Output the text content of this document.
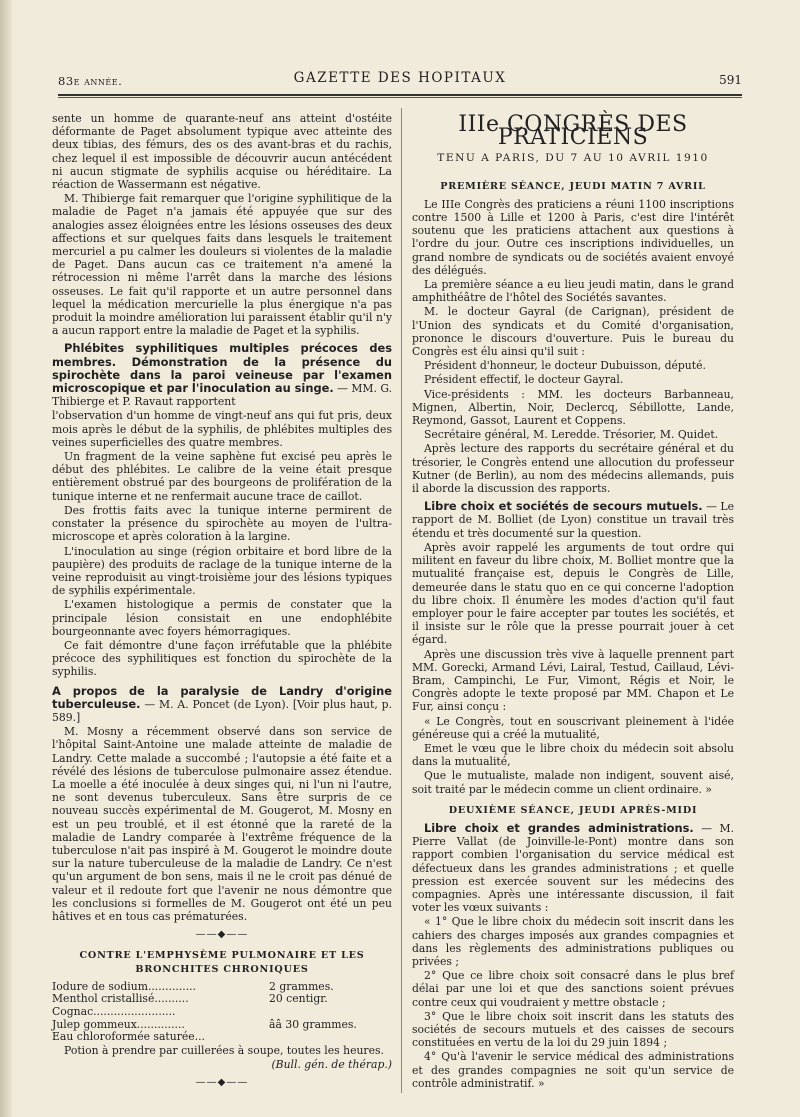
83e année.	GAZETTE DES HOPITAUX	591

sente un homme de quarante-neuf ans atteint d'ostéite déformante de Paget absolument typique avec atteinte des deux tibias, des fémurs, des os des avant-bras et du rachis, chez lequel il est impossible de découvrir aucun antécédent ni aucun stigmate de syphilis acquise ou héréditaire. La réaction de Wassermann est négative.

M. Thibierge fait remarquer que l'origine syphilitique de la maladie de Paget n'a jamais été appuyée que sur des analogies assez éloignées entre les lésions osseuses des deux affections et sur quelques faits dans lesquels le traitement mercuriel a pu calmer les douleurs si violentes de la maladie de Paget. Dans aucun cas ce traitement n'a amené la rétrocession ni même l'arrêt dans la marche des lésions osseuses. Le fait qu'il rapporte et un autre personnel dans lequel la médication mercurielle la plus énergique n'a pas produit la moindre amélioration lui paraissent établir qu'il n'y a aucun rapport entre la maladie de Paget et la syphilis.

Phlébites syphilitiques multiples précoces des membres. Démonstration de la présence du spirochète dans la paroi veineuse par l'examen microscopique et par l'inoculation au singe. — MM. G. Thibierge et P. Ravaut rapportent

l'observation d'un homme de vingt-neuf ans qui fut pris, deux mois après le début de la syphilis, de phlébites multiples des veines superficielles des quatre membres.

Un fragment de la veine saphène fut excisé peu après le début des phlébites. Le calibre de la veine était presque entièrement obstrué par des bourgeons de prolifération de la tunique interne et ne renfermait aucune trace de caillot.

Des frottis faits avec la tunique interne permirent de constater la présence du spirochète au moyen de l'ultra-microscope et après coloration à la largine.

L'inoculation au singe (région orbitaire et bord libre de la paupière) des produits de raclage de la tunique interne de la veine reproduisit au vingt-troisième jour des lésions typiques de syphilis expérimentale.

L'examen histologique a permis de constater que la principale lésion consistait en une endophlébite bourgeonnante avec foyers hémorragiques.

Ce fait démontre d'une façon irréfutable que la phlébite précoce des syphilitiques est fonction du spirochète de la syphilis.

A propos de la paralysie de Landry d'origine tuberculeuse. — M. A. Poncet (de Lyon). [Voir plus haut, p. 589.]

M. Mosny a récemment observé dans son service de l'hôpital Saint-Antoine une malade atteinte de maladie de Landry. Cette malade a succombé ; l'autopsie a été faite et a révélé des lésions de tuberculose pulmonaire assez étendue. La moelle a été inoculée à deux singes qui, ni l'un ni l'autre, ne sont devenus tuberculeux. Sans être surpris de ce nouveau succès expérimental de M. Gougerot, M. Mosny en est un peu troublé, et il est étonné que la rareté de la maladie de Landry comparée à l'extrême fréquence de la tuberculose n'ait pas inspiré à M. Gougerot le moindre doute sur la nature tuberculeuse de la maladie de Landry. Ce n'est qu'un argument de bon sens, mais il ne le croit pas dénué de valeur et il redoute fort que l'avenir ne nous démontre que les conclusions si formelles de M. Gougerot ont été un peu hâtives et en tous cas prématurées.

——◆——
CONTRE L'EMPHYSÈME PULMONAIRE ET LES BRONCHITES CHRONIQUES
Iodure de sodium..............	2 grammes.
Menthol cristallisé..........	20 centigr.
Cognac........................	
Julep gommeux..............	ââ 30 grammes.
Eau chloroformée saturée...	

Potion à prendre par cuillerées à soupe, toutes les heures.

(Bull. gén. de thérap.)

——◆——
IIIe CONGRÈS DES PRATICIENS
TENU A PARIS, DU 7 AU 10 AVRIL 1910
PREMIÈRE SÉANCE, JEUDI MATIN 7 AVRIL

Le IIIe Congrès des praticiens a réuni 1100 inscriptions contre 1500 à Lille et 1200 à Paris, c'est dire l'intérêt soutenu que les praticiens attachent aux questions à l'ordre du jour. Outre ces inscriptions individuelles, un grand nombre de syndicats ou de sociétés avaient envoyé des délégués.

La première séance a eu lieu jeudi matin, dans le grand amphithéâtre de l'hôtel des Sociétés savantes.

M. le docteur Gayral (de Carignan), président de l'Union des syndicats et du Comité d'organisation, prononce le discours d'ouverture. Puis le bureau du Congrès est élu ainsi qu'il suit :

Président d'honneur, le docteur Dubuisson, député.

Président effectif, le docteur Gayral.

Vice-présidents : MM. les docteurs Barbanneau, Mignen, Albertin, Noir, Declercq, Sébillotte, Lande, Reymond, Gassot, Laurent et Coppens.

Secrétaire général, M. Leredde. Trésorier, M. Quidet.

Après lecture des rapports du secrétaire général et du trésorier, le Congrès entend une allocution du professeur Kutner (de Berlin), au nom des médecins allemands, puis il aborde la discussion des rapports.

Libre choix et sociétés de secours mutuels. — Le rapport de M. Bolliet (de Lyon) constitue un travail très étendu et très documenté sur la question.

Après avoir rappelé les arguments de tout ordre qui militent en faveur du libre choix, M. Bolliet montre que la mutualité française est, depuis le Congrès de Lille, demeurée dans le statu quo en ce qui concerne l'adoption du libre choix. Il énumère les modes d'action qu'il faut employer pour le faire accepter par toutes les sociétés, et il insiste sur le rôle que la presse pourrait jouer à cet égard.

Après une discussion très vive à laquelle prennent part MM. Gorecki, Armand Lévi, Lairal, Testud, Caillaud, Lévi-Bram, Campinchi, Le Fur, Vimont, Régis et Noir, le Congrès adopte le texte proposé par MM. Chapon et Le Fur, ainsi conçu :

« Le Congrès, tout en souscrivant pleinement à l'idée généreuse qui a créé la mutualité,

Emet le vœu que le libre choix du médecin soit absolu dans la mutualité,

Que le mutualiste, malade non indigent, souvent aisé, soit traité par le médecin comme un client ordinaire. »

DEUXIÈME SÉANCE, JEUDI APRÈS-MIDI

Libre choix et grandes administrations. — M. Pierre Vallat (de Joinville-le-Pont) montre dans son rapport combien l'organisation du service médical est défectueux dans les grandes administrations ; et quelle pression est exercée souvent sur les médecins des compagnies. Après une intéressante discussion, il fait voter les vœux suivants :

« 1° Que le libre choix du médecin soit inscrit dans les cahiers des charges imposés aux grandes compagnies et dans les règlements des administrations publiques ou privées ;

2° Que ce libre choix soit consacré dans le plus bref délai par une loi et que des sanctions soient prévues contre ceux qui voudraient y mettre obstacle ;

3° Que le libre choix soit inscrit dans les statuts des sociétés de secours mutuels et des caisses de secours constituées en vertu de la loi du 29 juin 1894 ;

4° Qu'à l'avenir le service médical des administrations et des grandes compagnies ne soit qu'un service de contrôle administratif. »
